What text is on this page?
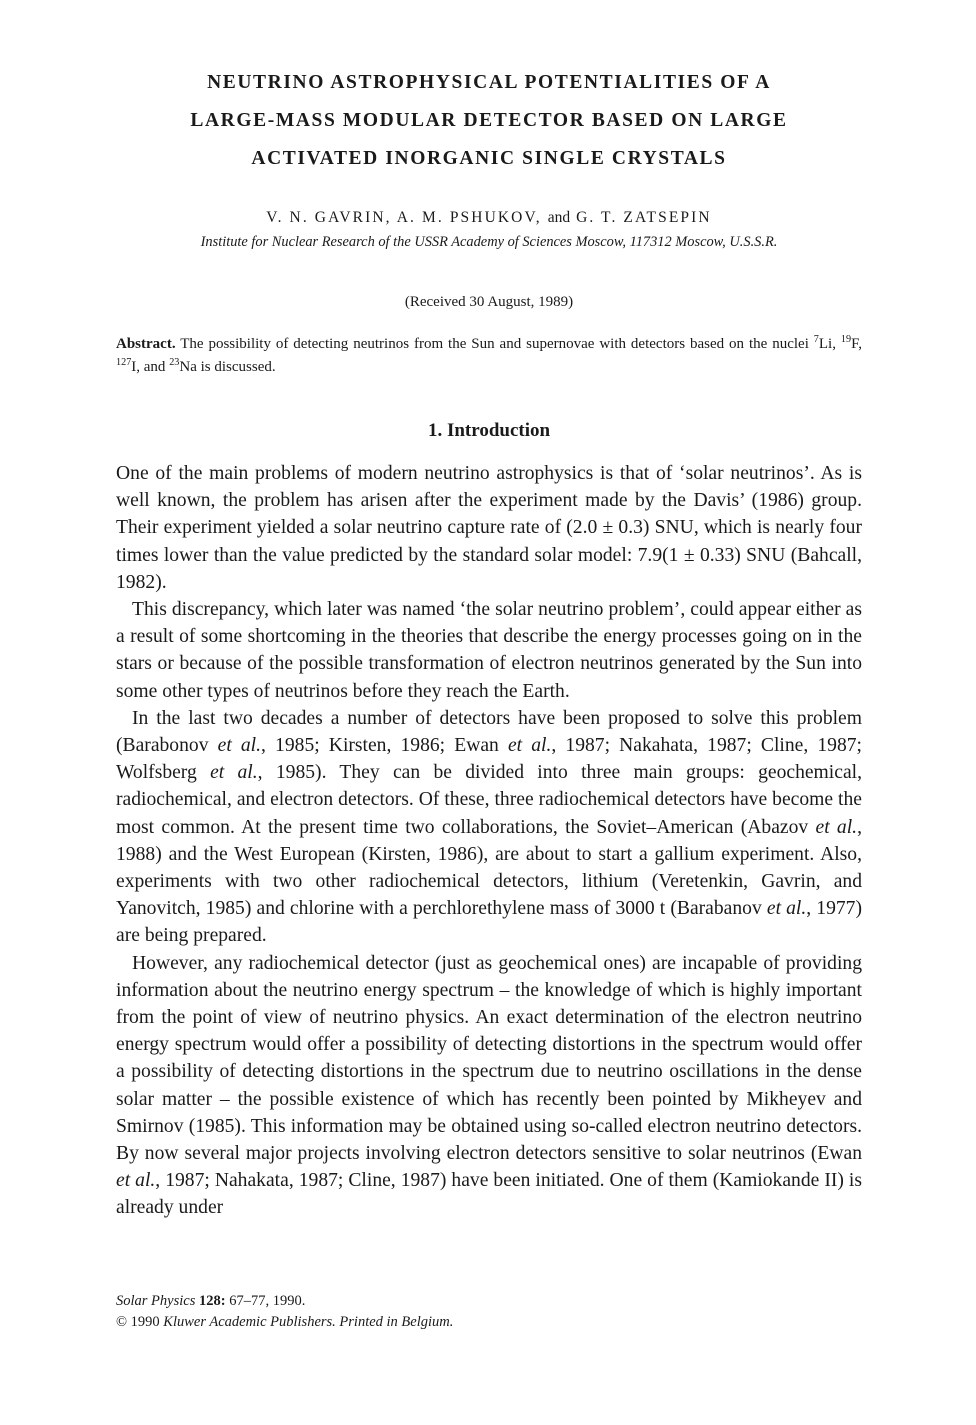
NEUTRINO ASTROPHYSICAL POTENTIALITIES OF A

LARGE-MASS MODULAR DETECTOR BASED ON LARGE

ACTIVATED INORGANIC SINGLE CRYSTALS

V. N. GAVRIN, A. M. PSHUKOV, and G. T. ZATSEPIN
Institute for Nuclear Research of the USSR Academy of Sciences Moscow, 117312 Moscow, U.S.S.R.
(Received 30 August, 1989)
Abstract. The possibility of detecting neutrinos from the Sun and supernovae with detectors based on the nuclei $^7$Li, $^{19}$F, $^{127}$I, and $^{23}$Na is discussed.
1. Introduction

One of the main problems of modern neutrino astrophysics is that of ‘solar neutrinos’. As is well known, the problem has arisen after the experiment made by the Davis’ (1986) group. Their experiment yielded a solar neutrino capture rate of (2.0 ± 0.3) SNU, which is nearly four times lower than the value predicted by the standard solar model: 7.9(1 ± 0.33) SNU (Bahcall, 1982).

This discrepancy, which later was named ‘the solar neutrino problem’, could appear either as a result of some shortcoming in the theories that describe the energy processes going on in the stars or because of the possible transformation of electron neutrinos generated by the Sun into some other types of neutrinos before they reach the Earth.

In the last two decades a number of detectors have been proposed to solve this problem (Barabonov et al., 1985; Kirsten, 1986; Ewan et al., 1987; Nakahata, 1987; Cline, 1987; Wolfsberg et al., 1985). They can be divided into three main groups: geochemical, radiochemical, and electron detectors. Of these, three radiochemical detectors have become the most common. At the present time two collaborations, the Soviet–American (Abazov et al., 1988) and the West European (Kirsten, 1986), are about to start a gallium experiment. Also, experiments with two other radiochemical detectors, lithium (Veretenkin, Gavrin, and Yanovitch, 1985) and chlorine with a perchlorethylene mass of 3000 t (Barabanov et al., 1977) are being prepared.

However, any radiochemical detector (just as geochemical ones) are incapable of providing information about the neutrino energy spectrum – the knowledge of which is highly important from the point of view of neutrino physics. An exact determination of the electron neutrino energy spectrum would offer a possibility of detecting distortions in the spectrum would offer a possibility of detecting distortions in the spectrum due to neutrino oscillations in the dense solar matter – the possible existence of which has recently been pointed by Mikheyev and Smirnov (1985). This information may be obtained using so-called electron neutrino detectors. By now several major projects involving electron detectors sensitive to solar neutrinos (Ewan et al., 1987; Nahakata, 1987; Cline, 1987) have been initiated. One of them (Kamiokande II) is already under

Solar Physics 128: 67–77, 1990.
© 1990 Kluwer Academic Publishers. Printed in Belgium.
